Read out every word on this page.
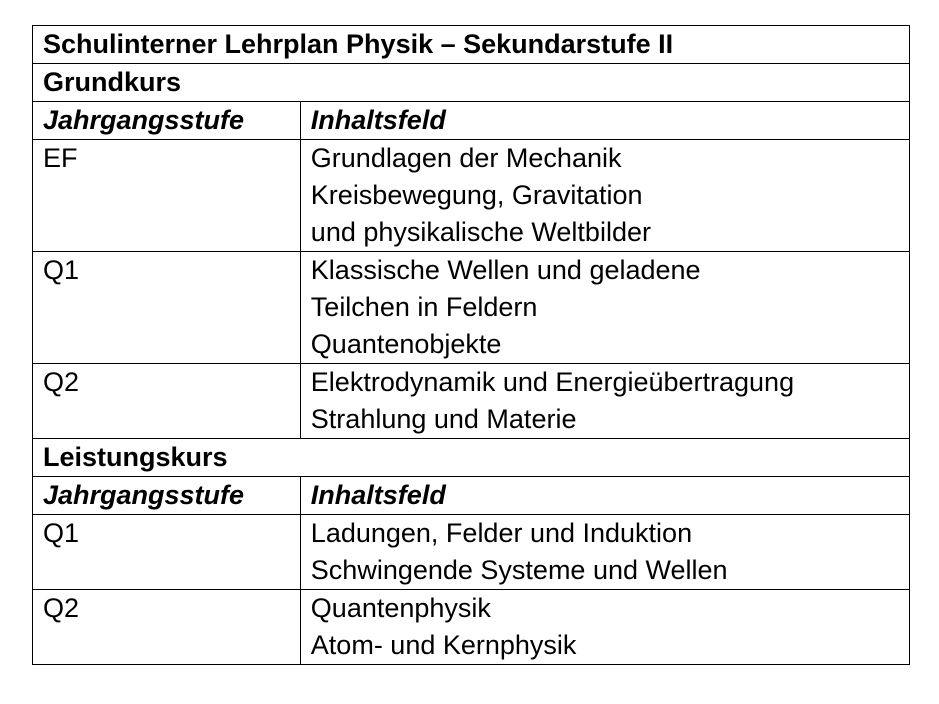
Schulinterner Lehrplan Physik – Sekundarstufe II	
Grundkurs	
Jahrgangsstufe	Inhaltsfeld
EF	Grundlagen der Mechanik
Kreisbewegung, Gravitation
und physikalische Weltbilder

Q1	Klassische Wellen und geladene
Teilchen in Feldern
Quantenobjekte

Q2	Elektrodynamik und Energieübertragung
Strahlung und Materie

Leistungskurs	
Jahrgangsstufe	Inhaltsfeld
Q1	Ladungen, Felder und Induktion
Schwingende Systeme und Wellen

Q2	Quantenphysik
Atom- und Kernphysik
